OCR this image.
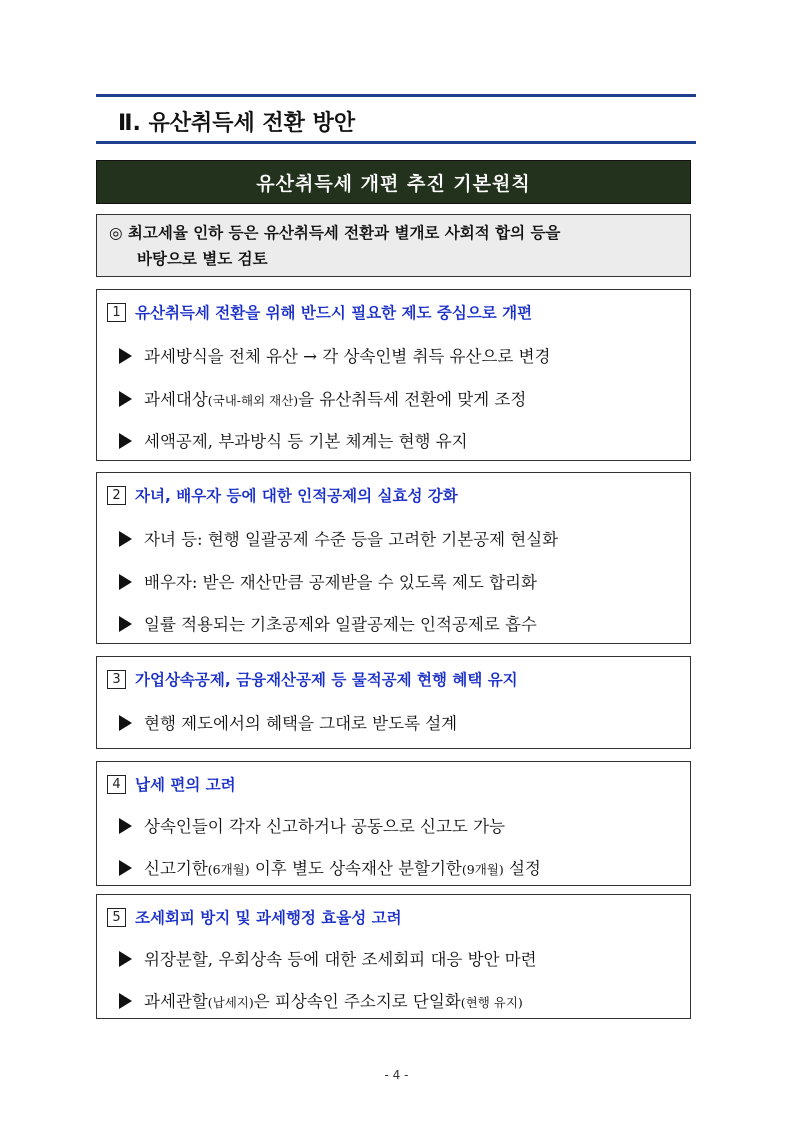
Ⅱ. 유산취득세 전환 방안
유산취득세 개편 추진 기본원칙
◎ 최고세율 인하 등은 유산취득세 전환과 별개로 사회적 합의 등을
바탕으로 별도 검토
1 유산취득세 전환을 위해 반드시 필요한 제도 중심으로 개편
과세방식을 전체 유산 → 각 상속인별 취득 유산으로 변경
과세대상(국내-해외 재산)을 유산취득세 전환에 맞게 조정
세액공제, 부과방식 등 기본 체계는 현행 유지
2 자녀, 배우자 등에 대한 인적공제의 실효성 강화
자녀 등: 현행 일괄공제 수준 등을 고려한 기본공제 현실화
배우자: 받은 재산만큼 공제받을 수 있도록 제도 합리화
일률 적용되는 기초공제와 일괄공제는 인적공제로 흡수
3 가업상속공제, 금융재산공제 등 물적공제 현행 혜택 유지
현행 제도에서의 혜택을 그대로 받도록 설계
4 납세 편의 고려
상속인들이 각자 신고하거나 공동으로 신고도 가능
신고기한(6개월) 이후 별도 상속재산 분할기한(9개월) 설정
5 조세회피 방지 및 과세행정 효율성 고려
위장분할, 우회상속 등에 대한 조세회피 대응 방안 마련
과세관할(납세지)은 피상속인 주소지로 단일화(현행 유지)
- 4 -
